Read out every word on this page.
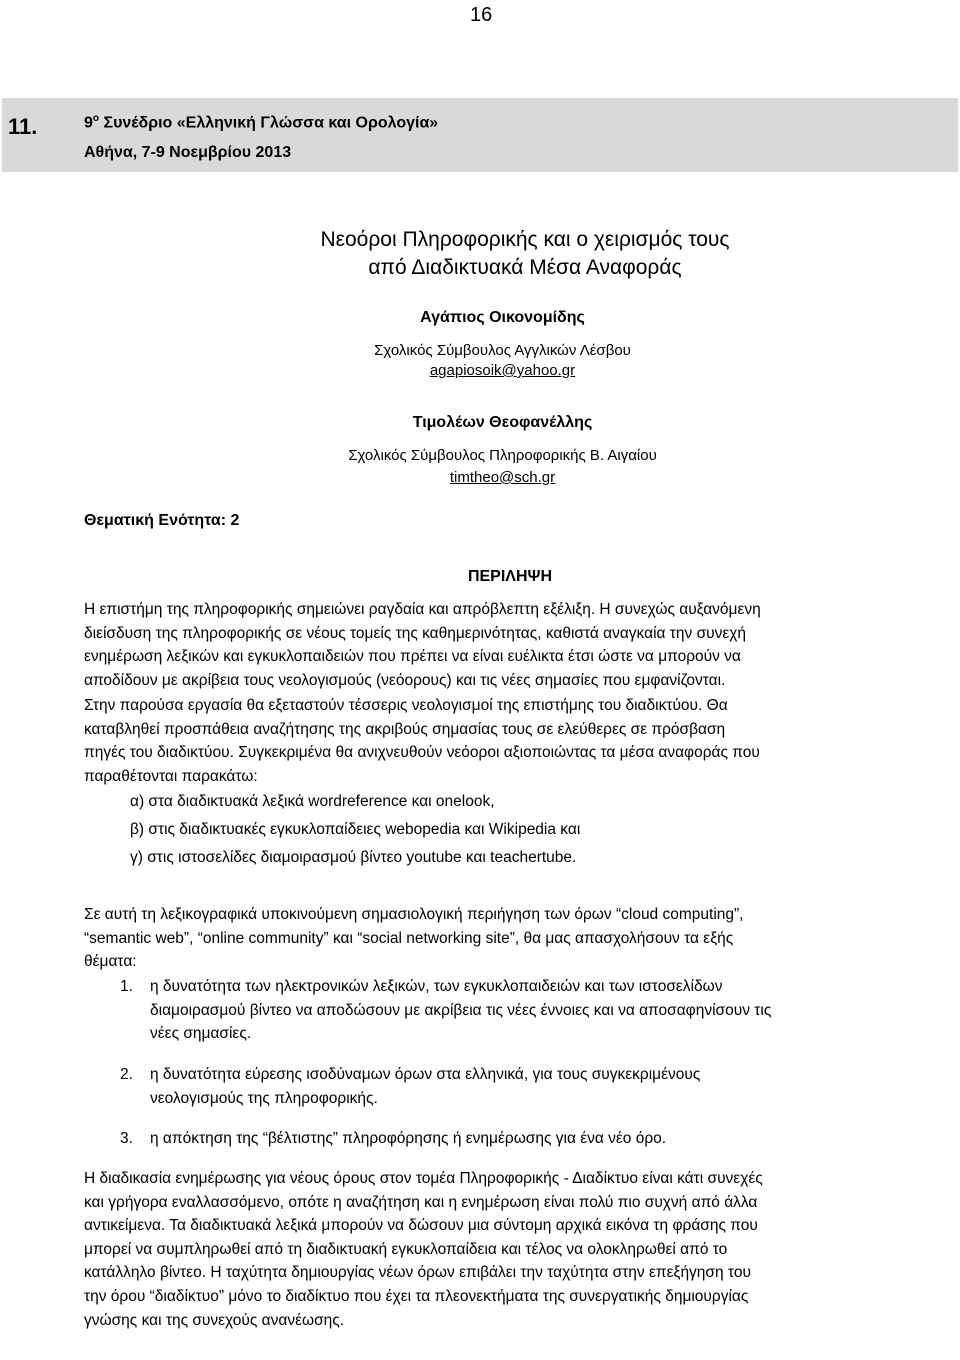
16
11.	$9^o$ Συνέδριο «Ελληνική Γλώσσα και Ορολογία»
Αθήνα, 7-9 Νοεμβρίου 2013
Νεοόροι Πληροφορικής και ο χειρισμός τους
από Διαδικτυακά Μέσα Αναφοράς
Αγάπιος Οικονομίδης
Σχολικός Σύμβουλος Αγγλικών Λέσβου
agapiosoik@yahoo.gr
Τιμολέων Θεοφανέλλης
Σχολικός Σύμβουλος Πληροφορικής Β. Αιγαίου
timtheo@sch.gr
Θεματική Ενότητα: 2
ΠΕΡΙΛΗΨΗ
Η επιστήμη της πληροφορικής σημειώνει ραγδαία και απρόβλεπτη εξέλιξη. Η συνεχώς αυξανόμενη
διείσδυση της πληροφορικής σε νέους τομείς της καθημερινότητας, καθιστά αναγκαία την συνεχή
ενημέρωση λεξικών και εγκυκλοπαιδειών που πρέπει να είναι ευέλικτα έτσι ώστε να μπορούν να
αποδίδουν με ακρίβεια τους νεολογισμούς (νεόορους) και τις νέες σημασίες που εμφανίζονται.
Στην παρούσα εργασία θα εξεταστούν τέσσερις νεολογισμοί της επιστήμης του διαδικτύου. Θα
καταβληθεί προσπάθεια αναζήτησης της ακριβούς σημασίας τους σε ελεύθερες σε πρόσβαση
πηγές του διαδικτύου. Συγκεκριμένα θα ανιχνευθούν νεόοροι αξιοποιώντας τα μέσα αναφοράς που
παραθέτονται παρακάτω:
α) στα διαδικτυακά λεξικά wordreference και onelook,
β) στις διαδικτυακές εγκυκλοπαίδειες webopedia και Wikipedia και
γ) στις ιστοσελίδες διαμοιρασμού βίντεο youtube και teachertube.
Σε αυτή τη λεξικογραφικά υποκινούμενη σημασιολογική περιήγηση των όρων “cloud computing”,
“semantic web”, “online community” και “social networking site”, θα μας απασχολήσουν τα εξής
θέματα:
1. η δυνατότητα των ηλεκτρονικών λεξικών, των εγκυκλοπαιδειών και των ιστοσελίδων
διαμοιρασμού βίντεο να αποδώσουν με ακρίβεια τις νέες έννοιες και να αποσαφηνίσουν τις
νέες σημασίες.
2. η δυνατότητα εύρεσης ισοδύναμων όρων στα ελληνικά, για τους συγκεκριμένους
νεολογισμούς της πληροφορικής.
3. η απόκτηση της “βέλτιστης” πληροφόρησης ή ενημέρωσης για ένα νέο όρο.
Η διαδικασία ενημέρωσης για νέους όρους στον τομέα Πληροφορικής - Διαδίκτυο είναι κάτι συνεχές
και γρήγορα εναλλασσόμενο, οπότε η αναζήτηση και η ενημέρωση είναι πολύ πιο συχνή από άλλα
αντικείμενα. Τα διαδικτυακά λεξικά μπορούν να δώσουν μια σύντομη αρχικά εικόνα τη φράσης που
μπορεί να συμπληρωθεί από τη διαδικτυακή εγκυκλοπαίδεια και τέλος να ολοκληρωθεί από το
κατάλληλο βίντεο. Η ταχύτητα δημιουργίας νέων όρων επιβάλει την ταχύτητα στην επεξήγηση του
την όρου “διαδίκτυο” μόνο το διαδίκτυο που έχει τα πλεονεκτήματα της συνεργατικής δημιουργίας
γνώσης και της συνεχούς ανανέωσης.
